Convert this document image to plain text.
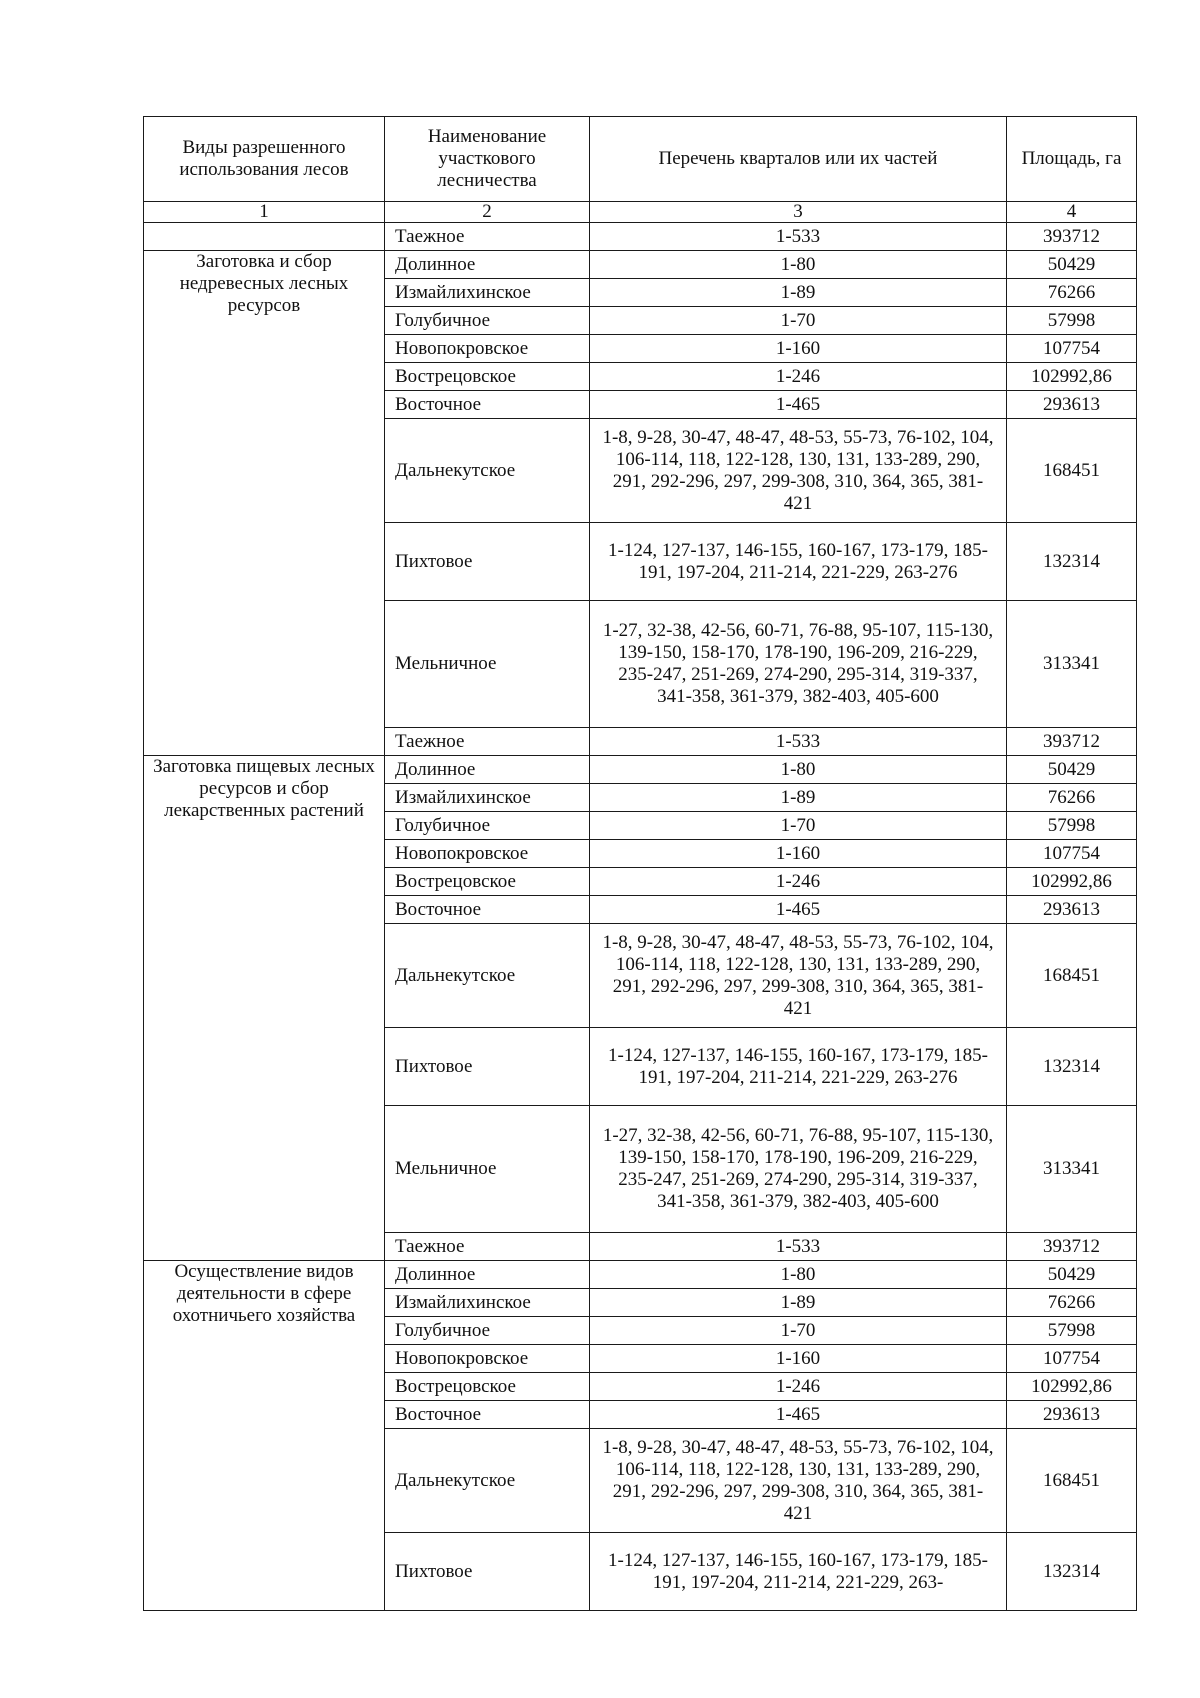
Виды разрешенного использования лесов	Наименование участкового лесничества	Перечень кварталов или их частей	Площадь, га
1	2	3	4
	Таежное	1-533	393712
Заготовка и сбор недревесных лесных ресурсов	Долинное	1-80	50429
	Измайлихинское	1-89	76266
	Голубичное	1-70	57998
	Новопокровское	1-160	107754
	Вострецовское	1-246	102992,86
	Восточное	1-465	293613
	Дальнекутское	1-8, 9-28, 30-47, 48-47, 48-53, 55-73, 76-102, 104, 106-114, 118, 122-128, 130, 131, 133-289, 290, 291, 292-296, 297, 299-308, 310, 364, 365, 381-421	168451
	Пихтовое	1-124, 127-137, 146-155, 160-167, 173-179, 185-191, 197-204, 211-214, 221-229, 263-276	132314
	Мельничное	1-27, 32-38, 42-56, 60-71, 76-88, 95-107, 115-130, 139-150, 158-170, 178-190, 196-209, 216-229, 235-247, 251-269, 274-290, 295-314, 319-337, 341-358, 361-379, 382-403, 405-600	313341
	Таежное	1-533	393712
Заготовка пищевых лесных ресурсов и сбор лекарственных растений	Долинное	1-80	50429
	Измайлихинское	1-89	76266
	Голубичное	1-70	57998
	Новопокровское	1-160	107754
	Вострецовское	1-246	102992,86
	Восточное	1-465	293613
	Дальнекутское	1-8, 9-28, 30-47, 48-47, 48-53, 55-73, 76-102, 104, 106-114, 118, 122-128, 130, 131, 133-289, 290, 291, 292-296, 297, 299-308, 310, 364, 365, 381-421	168451
	Пихтовое	1-124, 127-137, 146-155, 160-167, 173-179, 185-191, 197-204, 211-214, 221-229, 263-276	132314
	Мельничное	1-27, 32-38, 42-56, 60-71, 76-88, 95-107, 115-130, 139-150, 158-170, 178-190, 196-209, 216-229, 235-247, 251-269, 274-290, 295-314, 319-337, 341-358, 361-379, 382-403, 405-600	313341
	Таежное	1-533	393712
Осуществление видов деятельности в сфере охотничьего хозяйства	Долинное	1-80	50429
	Измайлихинское	1-89	76266
	Голубичное	1-70	57998
	Новопокровское	1-160	107754
	Вострецовское	1-246	102992,86
	Восточное	1-465	293613
	Дальнекутское	1-8, 9-28, 30-47, 48-47, 48-53, 55-73, 76-102, 104, 106-114, 118, 122-128, 130, 131, 133-289, 290, 291, 292-296, 297, 299-308, 310, 364, 365, 381-421	168451
	Пихтовое	1-124, 127-137, 146-155, 160-167, 173-179, 185-191, 197-204, 211-214, 221-229, 263-	132314
